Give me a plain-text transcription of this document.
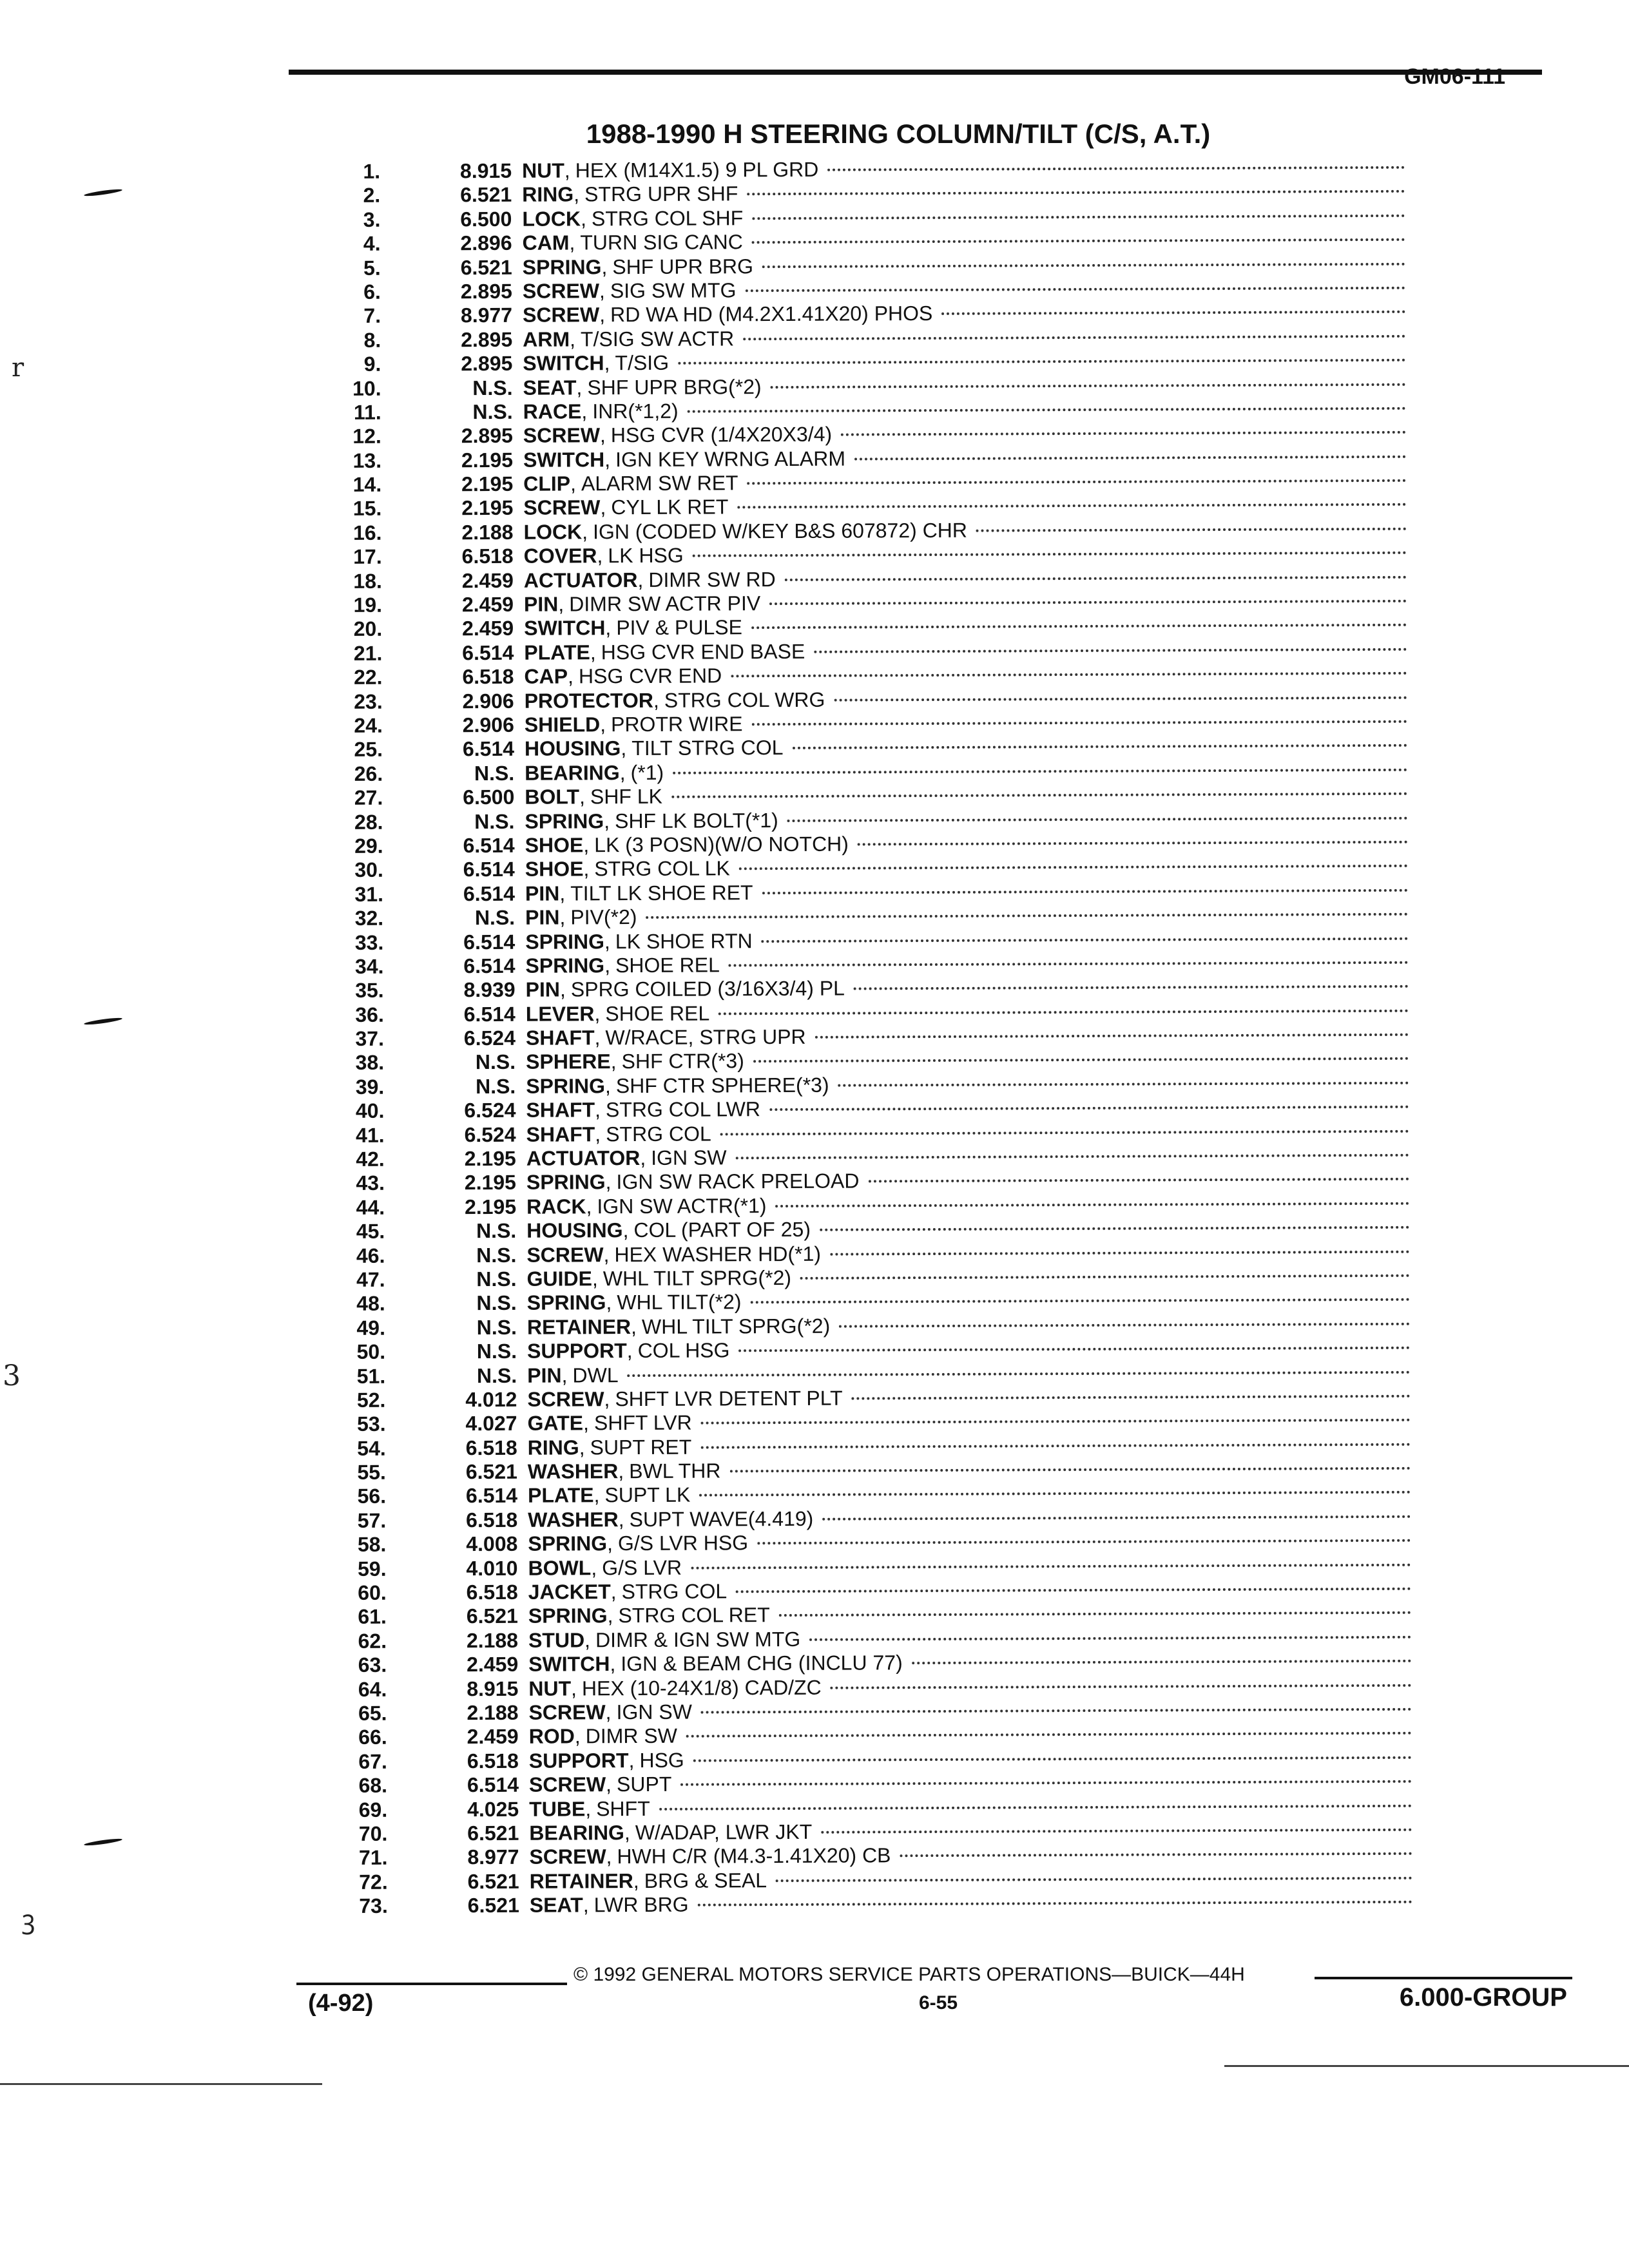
GM06-111
1988-1990 H STEERING COLUMN/TILT (C/S, A.T.)
r
3
ꝫ
1.	8.915 NUT , HEX (M14X1.5) 9 PL GRD
2.	6.521 RING , STRG UPR SHF
3.	6.500 LOCK , STRG COL SHF
4.	2.896 CAM , TURN SIG CANC
5.	6.521 SPRING , SHF UPR BRG
6.	2.895 SCREW , SIG SW MTG
7.	8.977 SCREW , RD WA HD (M4.2X1.41X20) PHOS
8.	2.895 ARM , T/SIG SW ACTR
9.	2.895 SWITCH , T/SIG
10.	N.S. SEAT , SHF UPR BRG(*2)
11.	N.S. RACE , INR(*1,2)
12.	2.895 SCREW , HSG CVR (1/4X20X3/4)
13.	2.195 SWITCH , IGN KEY WRNG ALARM
14.	2.195 CLIP , ALARM SW RET
15.	2.195 SCREW , CYL LK RET
16.	2.188 LOCK , IGN (CODED W/KEY B&S 607872) CHR
17.	6.518 COVER , LK HSG
18.	2.459 ACTUATOR , DIMR SW RD
19.	2.459 PIN , DIMR SW ACTR PIV
20.	2.459 SWITCH , PIV & PULSE
21.	6.514 PLATE , HSG CVR END BASE
22.	6.518 CAP , HSG CVR END
23.	2.906 PROTECTOR , STRG COL WRG
24.	2.906 SHIELD , PROTR WIRE
25.	6.514 HOUSING , TILT STRG COL
26.	N.S. BEARING , (*1)
27.	6.500 BOLT , SHF LK
28.	N.S. SPRING , SHF LK BOLT(*1)
29.	6.514 SHOE , LK (3 POSN)(W/O NOTCH)
30.	6.514 SHOE , STRG COL LK
31.	6.514 PIN , TILT LK SHOE RET
32.	N.S. PIN , PIV(*2)
33.	6.514 SPRING , LK SHOE RTN
34.	6.514 SPRING , SHOE REL
35.	8.939 PIN , SPRG COILED (3/16X3/4) PL
36.	6.514 LEVER , SHOE REL
37.	6.524 SHAFT , W/RACE, STRG UPR
38.	N.S. SPHERE , SHF CTR(*3)
39.	N.S. SPRING , SHF CTR SPHERE(*3)
40.	6.524 SHAFT , STRG COL LWR
41.	6.524 SHAFT , STRG COL
42.	2.195 ACTUATOR , IGN SW
43.	2.195 SPRING , IGN SW RACK PRELOAD
44.	2.195 RACK , IGN SW ACTR(*1)
45.	N.S. HOUSING , COL (PART OF 25)
46.	N.S. SCREW , HEX WASHER HD(*1)
47.	N.S. GUIDE , WHL TILT SPRG(*2)
48.	N.S. SPRING , WHL TILT(*2)
49.	N.S. RETAINER , WHL TILT SPRG(*2)
50.	N.S. SUPPORT , COL HSG
51.	N.S. PIN , DWL
52.	4.012 SCREW , SHFT LVR DETENT PLT
53.	4.027 GATE , SHFT LVR
54.	6.518 RING , SUPT RET
55.	6.521 WASHER , BWL THR
56.	6.514 PLATE , SUPT LK
57.	6.518 WASHER , SUPT WAVE(4.419)
58.	4.008 SPRING , G/S LVR HSG
59.	4.010 BOWL , G/S LVR
60.	6.518 JACKET , STRG COL
61.	6.521 SPRING , STRG COL RET
62.	2.188 STUD , DIMR & IGN SW MTG
63.	2.459 SWITCH , IGN & BEAM CHG (INCLU 77)
64.	8.915 NUT , HEX (10-24X1/8) CAD/ZC
65.	2.188 SCREW , IGN SW
66.	2.459 ROD , DIMR SW
67.	6.518 SUPPORT , HSG
68.	6.514 SCREW , SUPT
69.	4.025 TUBE , SHFT
70.	6.521 BEARING , W/ADAP, LWR JKT
71.	8.977 SCREW , HWH C/R (M4.3-1.41X20) CB
72.	6.521 RETAINER , BRG & SEAL
73.	6.521 SEAT , LWR BRG
© 1992 GENERAL MOTORS SERVICE PARTS OPERATIONS—BUICK—44H
(4-92)	6-55	6.000-GROUP
